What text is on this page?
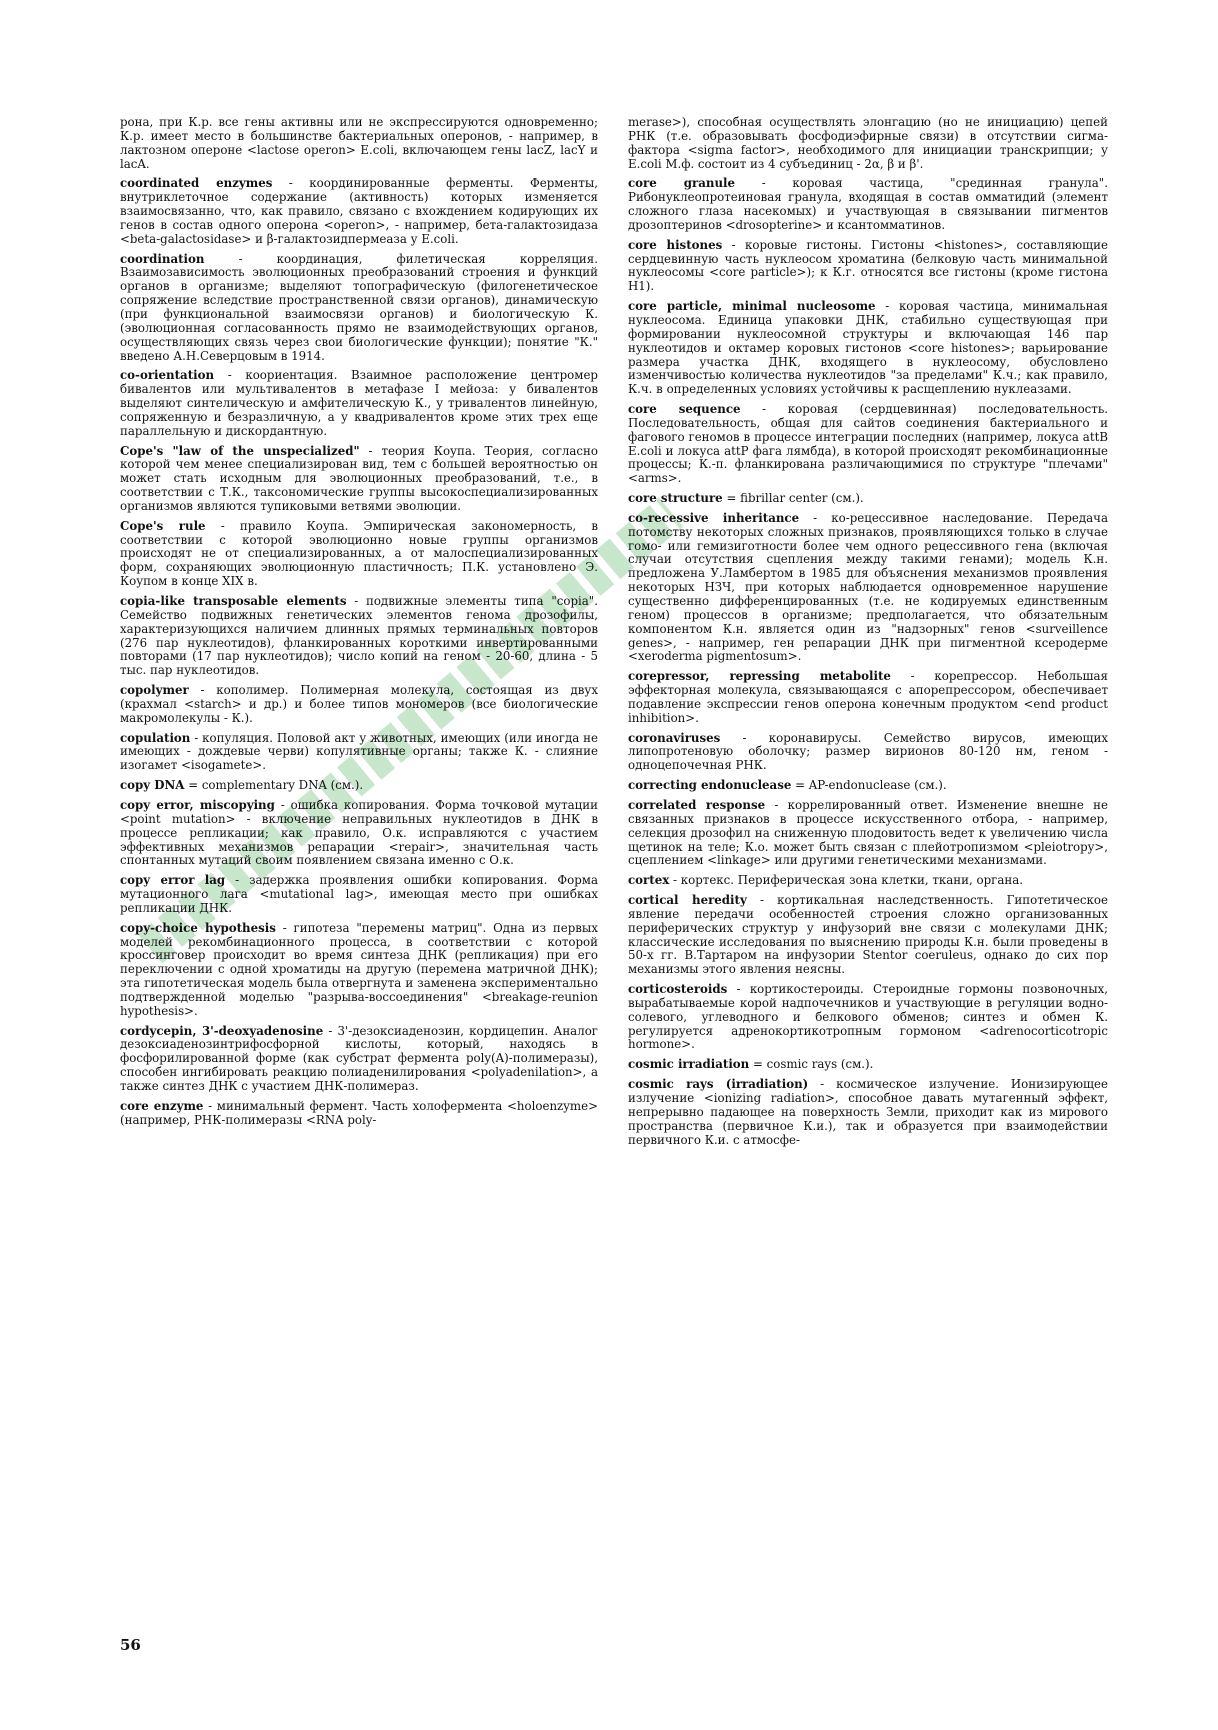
рона, при К.р. все гены активны или не экспрессируются одновременно; К.р. имеет место в большинстве бактериальных оперонов, - например, в лактозном опероне <lactose operon> E.coli, включающем гены lacZ, lacY и lacA.
coordinated enzymes - координированные ферменты. Ферменты, внутриклеточное содержание (активность) которых изменяется взаимосвязанно, что, как правило, связано с вхождением кодирующих их генов в состав одного оперона <operon>, - например, бета-галактозидаза <beta-galactosidase> и β-галактозидпермеаза у E.coli.
coordination - координация, филетическая корреляция. Взаимозависимость эволюционных преобразований строения и функций органов в организме; выделяют топографическую (филогенетическое сопряжение вследствие пространственной связи органов), динамическую (при функциональной взаимосвязи органов) и биологическую К. (эволюционная согласованность прямо не взаимодействующих органов, осуществляющих связь через свои биологические функции); понятие "К." введено А.Н.Северцовым в 1914.
co-orientation - коориентация. Взаимное расположение центромер бивалентов или мультивалентов в метафазе I мейоза: у бивалентов выделяют синтелическую и амфителическую К., у тривалентов линейную, сопряженную и безразличную, а у квадривалентов кроме этих трех еще параллельную и дискордантную.
Cope's "law of the unspecialized" - теория Коупа. Теория, согласно которой чем менее специализирован вид, тем с большей вероятностью он может стать исходным для эволюционных преобразований, т.е., в соответствии с Т.К., таксономические группы высокоспециализированных организмов являются тупиковыми ветвями эволюции.
Cope's rule - правило Коупа. Эмпирическая закономерность, в соответствии с которой эволюционно новые группы организмов происходят не от специализированных, а от малоспециализированных форм, сохраняющих эволюционную пластичность; П.К. установлено Э. Коупом в конце XIX в.
copia-like transposable elements - подвижные элементы типа "copia". Семейство подвижных генетических элементов генома дрозофилы, характеризующихся наличием длинных прямых терминальных повторов (276 пар нуклеотидов), фланкированных короткими инвертированными повторами (17 пар нуклеотидов); число копий на геном - 20-60, длина - 5 тыс. пар нуклеотидов.
copolymer - кополимер. Полимерная молекула, состоящая из двух (крахмал <starch> и др.) и более типов мономеров (все биологические макромолекулы - К.).
copulation - копуляция. Половой акт у животных, имеющих (или иногда не имеющих - дождевые черви) копулятивные органы; также К. - слияние изогамет <isogamete>.
copy DNA = complementary DNA (см.).
copy error, miscopying - ошибка копирования. Форма точковой мутации <point mutation> - включение неправильных нуклеотидов в ДНК в процессе репликации; как правило, О.к. исправляются с участием эффективных механизмов репарации <repair>, значительная часть спонтанных мутаций своим появлением связана именно с О.к.
copy error lag - задержка проявления ошибки копирования. Форма мутационного лага <mutational lag>, имеющая место при ошибках репликации ДНК.
copy-choice hypothesis - гипотеза "перемены матриц". Одна из первых моделей рекомбинационного процесса, в соответствии с которой кроссинговер происходит во время синтеза ДНК (репликация) при его переключении с одной хроматиды на другую (перемена матричной ДНК); эта гипотетическая модель была отвергнута и заменена экспериментально подтвержденной моделью "разрыва-воссоединения" <breakage-reunion hypothesis>.
cordycepin, 3'-deoxyadenosine - 3'-дезоксиаденозин, кордицепин. Аналог дезоксиаденозинтрифосфорной кислоты, который, находясь в фосфорилированной форме (как субстрат фермента poly(A)-полимеразы), способен ингибировать реакцию полиаденилирования <polyadenilation>, а также синтез ДНК с участием ДНК-полимераз.
core enzyme - минимальный фермент. Часть холофермента <holoenzyme> (например, РНК-полимеразы <RNA poly-
merase>), способная осуществлять элонгацию (но не инициацию) цепей РНК (т.е. образовывать фосфодиэфирные связи) в отсутствии сигма-фактора <sigma factor>, необходимого для инициации транскрипции; у E.coli М.ф. состоит из 4 субъединиц - 2α, β и β'.
core granule - коровая частица, "срединная гранула". Рибонуклеопротеиновая гранула, входящая в состав омматидий (элемент сложного глаза насекомых) и участвующая в связывании пигментов дрозоптеринов <drosopterine> и ксантомматинов.
core histones - коровые гистоны. Гистоны <histones>, составляющие сердцевинную часть нуклеосом хроматина (белковую часть минимальной нуклеосомы <core particle>); к К.г. относятся все гистоны (кроме гистона Н1).
core particle, minimal nucleosome - коровая частица, минимальная нуклеосома. Единица упаковки ДНК, стабильно существующая при формировании нуклеосомной структуры и включающая 146 пар нуклеотидов и октамер коровых гистонов <core histones>; варьирование размера участка ДНК, входящего в нуклеосому, обусловлено изменчивостью количества нуклеотидов "за пределами" К.ч.; как правило, К.ч. в определенных условиях устойчивы к расщеплению нуклеазами.
core sequence - коровая (сердцевинная) последовательность. Последовательность, общая для сайтов соединения бактериального и фагового геномов в процессе интеграции последних (например, локуса attB E.coli и локуса attP фага лямбда), в которой происходят рекомбинационные процессы; К.-п. фланкирована различающимися по структуре "плечами" <arms>.
core structure = fibrillar center (см.).
co-recessive inheritance - ко-рецессивное наследование. Передача потомству некоторых сложных признаков, проявляющихся только в случае гомо- или гемизиготности более чем одного рецессивного гена (включая случаи отсутствия сцепления между такими генами); модель К.н. предложена У.Ламбертом в 1985 для объяснения механизмов проявления некоторых НЗЧ, при которых наблюдается одновременное нарушение существенно дифференцированных (т.е. не кодируемых единственным геном) процессов в организме; предполагается, что обязательным компонентом К.н. является один из "надзорных" генов <surveillence genes>, - например, ген репарации ДНК при пигментной ксеродерме <xeroderma pigmentosum>.
corepressor, repressing metabolite - корепрессор. Небольшая эффекторная молекула, связывающаяся с апорепрессором, обеспечивает подавление экспрессии генов оперона конечным продуктом <end product inhibition>.
coronaviruses - коронавирусы. Семейство вирусов, имеющих липопротеновую оболочку; размер вирионов 80-120 нм, геном - одноцепочечная РНК.
correcting endonuclease = AP-endonuclease (см.).
correlated response - коррелированный ответ. Изменение внешне не связанных признаков в процессе искусственного отбора, - например, селекция дрозофил на сниженную плодовитость ведет к увеличению числа щетинок на теле; К.о. может быть связан с плейотропизмом <pleiotropy>, сцеплением <linkage> или другими генетическими механизмами.
cortex - кортекс. Периферическая зона клетки, ткани, органа.
cortical heredity - кортикальная наследственность. Гипотетическое явление передачи особенностей строения сложно организованных периферических структур у инфузорий вне связи с молекулами ДНК; классические исследования по выяснению природы К.н. были проведены в 50-х гг. В.Тартаром на инфузории Stentor coeruleus, однако до сих пор механизмы этого явления неясны.
corticosteroids - кортикостероиды. Стероидные гормоны позвоночных, вырабатываемые корой надпочечников и участвующие в регуляции водно-солевого, углеводного и белкового обменов; синтез и обмен К. регулируется адренокортикотропным гормоном <adrenocorticotropic hormone>.
cosmic irradiation = cosmic rays (см.).
cosmic rays (irradiation) - космическое излучение. Ионизирующее излучение <ionizing radiation>, способное давать мутагенный эффект, непрерывно падающее на поверхность Земли, приходит как из мирового пространства (первичное К.и.), так и образуется при взаимодействии первичного К.и. с атмосфе-
56
